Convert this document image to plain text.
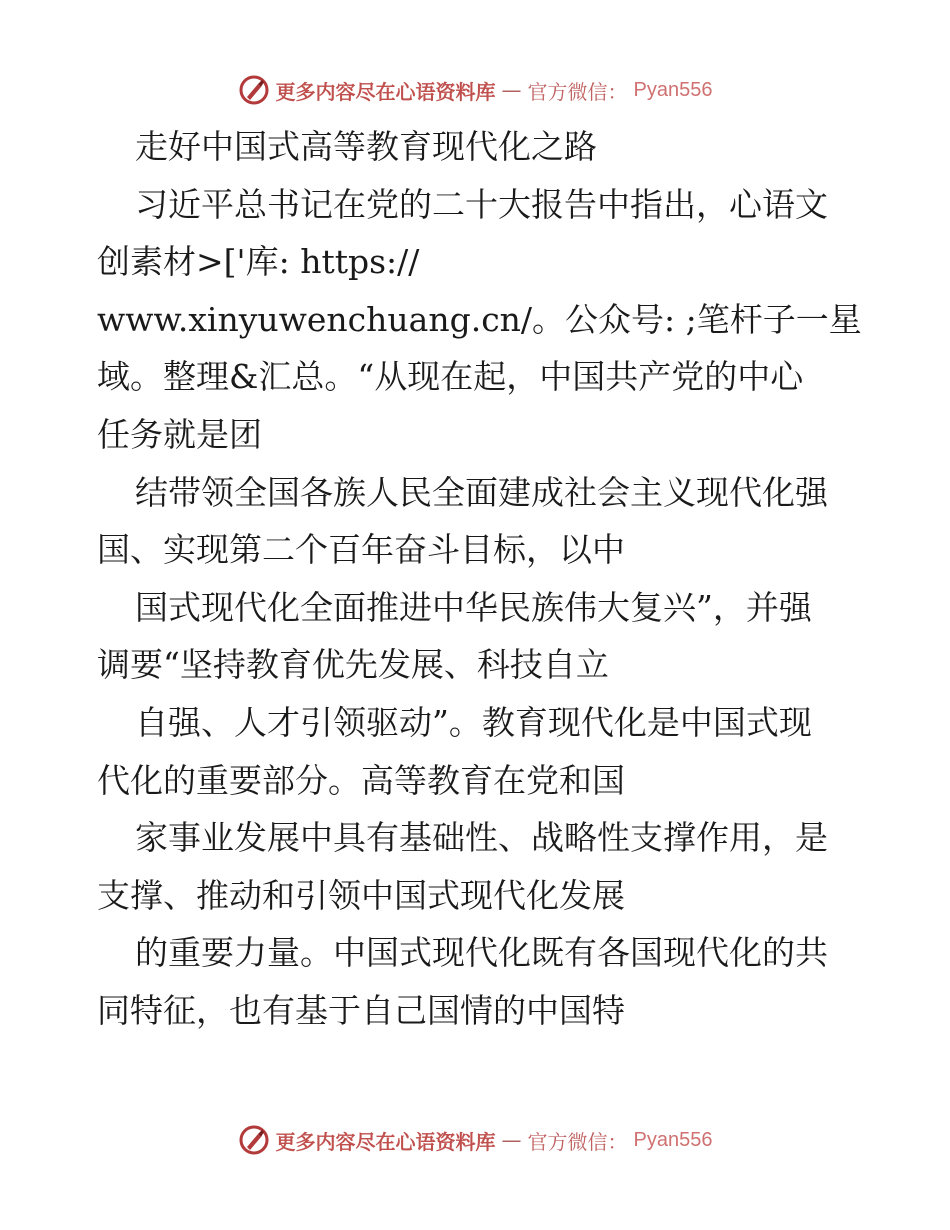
更多内容尽在心语资料库 — 官方微信： Pyan556
走好中国式高等教育现代化之路
习近平总书记在党的二十大报告中指出，心语文
创素材>['库: https://
www.xinyuwenchuang.cn/。公众号: ;笔杆子一星
域。整理&汇总。“从现在起，中国共产党的中心
任务就是团
结带领全国各族人民全面建成社会主义现代化强
国、实现第二个百年奋斗目标，以中
国式现代化全面推进中华民族伟大复兴”，并强
调要“坚持教育优先发展、科技自立
自强、人才引领驱动”。教育现代化是中国式现
代化的重要部分。高等教育在党和国
家事业发展中具有基础性、战略性支撑作用，是
支撑、推动和引领中国式现代化发展
的重要力量。中国式现代化既有各国现代化的共
同特征，也有基于自己国情的中国特
更多内容尽在心语资料库 — 官方微信： Pyan556
